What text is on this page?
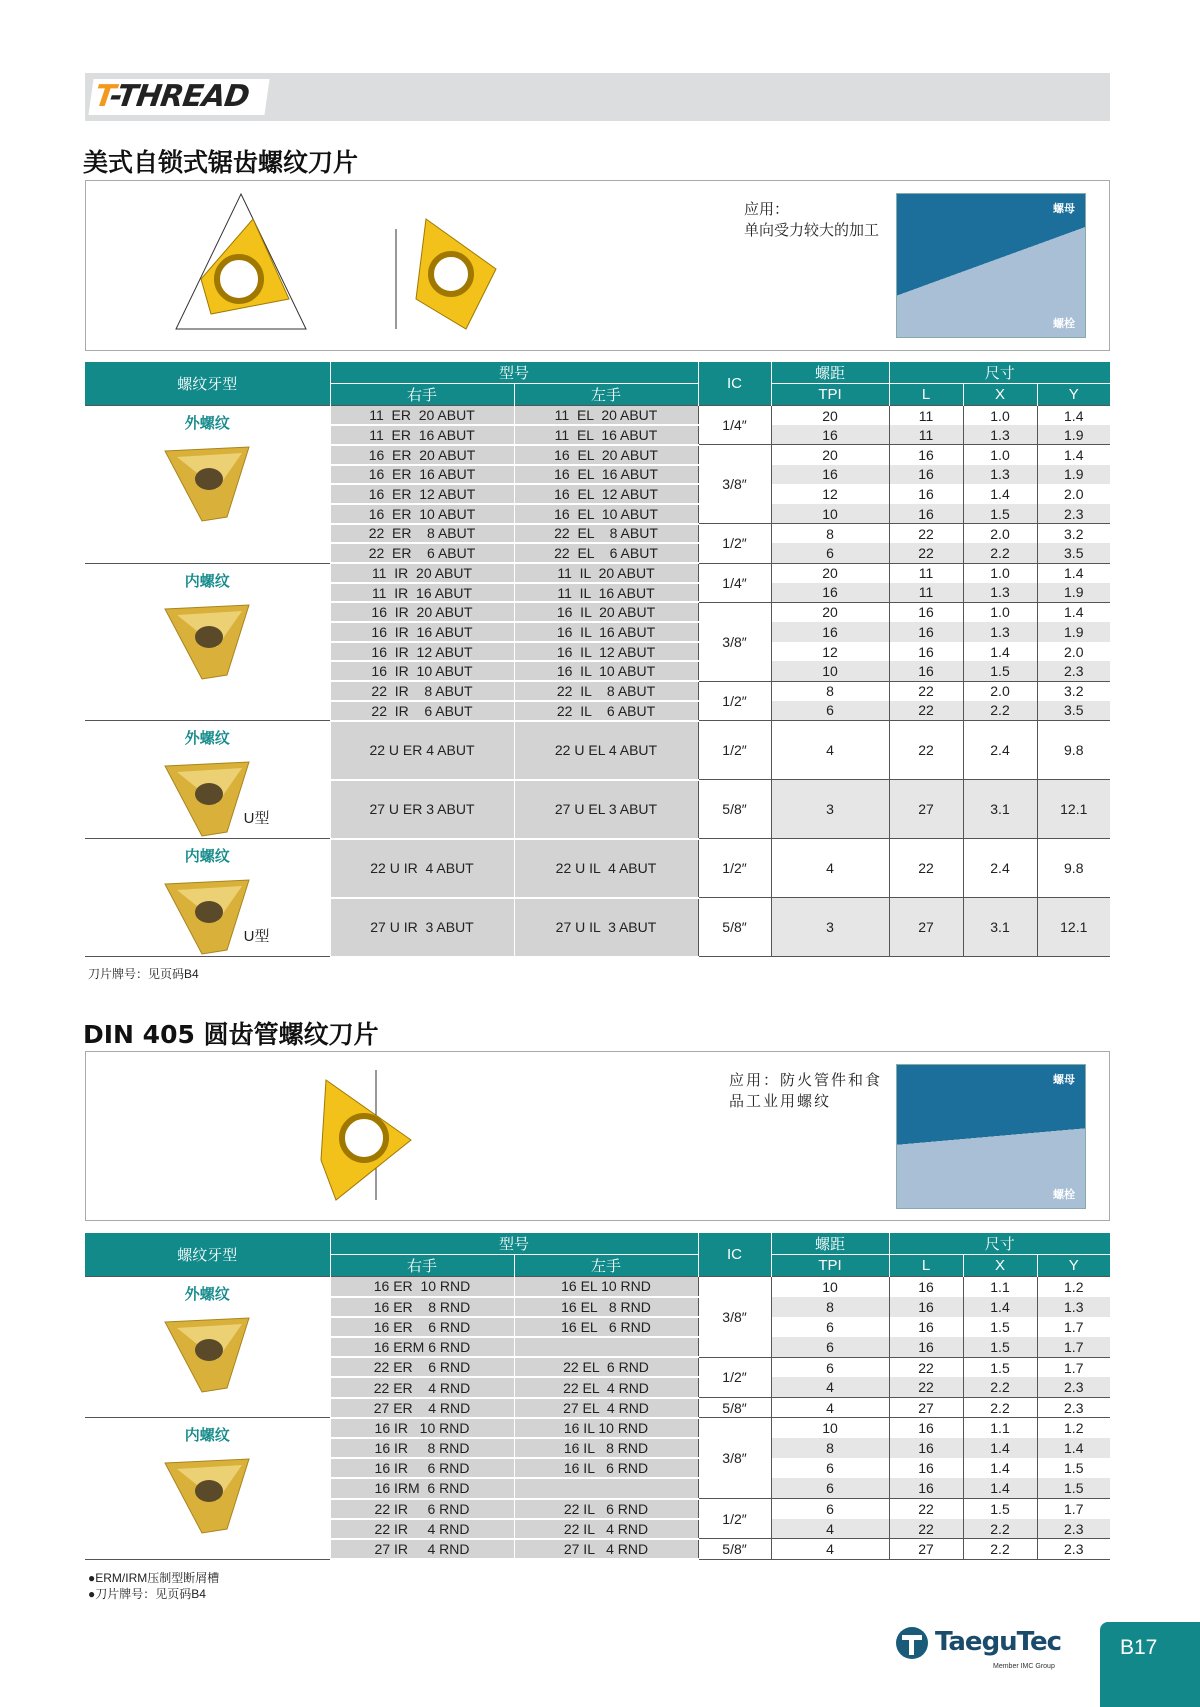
T-THREAD
美式自锁式锯齿螺纹刀片
应用：
单向受力较大的加工
螺母
螺栓
螺纹牙型	型号		IC	螺距	尺寸		
	右手	左手		TPI	L	X	Y

外螺纹	11  ER  20 ABUT	11  EL  20 ABUT	1/4″	20	11	1.0	1.4
	11  ER  16 ABUT	11  EL  16 ABUT		16	11	1.3	1.9
	16  ER  20 ABUT	16  EL  20 ABUT	3/8″	20	16	1.0	1.4
	16  ER  16 ABUT	16  EL  16 ABUT		16	16	1.3	1.9
	16  ER  12 ABUT	16  EL  12 ABUT		12	16	1.4	2.0
	16  ER  10 ABUT	16  EL  10 ABUT		10	16	1.5	2.3
	22  ER    8 ABUT	22  EL    8 ABUT	1/2″	8	22	2.0	3.2
	22  ER    6 ABUT	22  EL    6 ABUT		6	22	2.2	3.5

内螺纹	11  IR  20 ABUT	11  IL  20 ABUT	1/4″	20	11	1.0	1.4
	11  IR  16 ABUT	11  IL  16 ABUT		16	11	1.3	1.9
	16  IR  20 ABUT	16  IL  20 ABUT	3/8″	20	16	1.0	1.4
	16  IR  16 ABUT	16  IL  16 ABUT		16	16	1.3	1.9
	16  IR  12 ABUT	16  IL  12 ABUT		12	16	1.4	2.0
	16  IR  10 ABUT	16  IL  10 ABUT		10	16	1.5	2.3
	22  IR    8 ABUT	22  IL    8 ABUT	1/2″	8	22	2.0	3.2
	22  IR    6 ABUT	22  IL    6 ABUT		6	22	2.2	3.5

外螺纹
U型	22 U ER 4 ABUT	22 U EL 4 ABUT	1/2″	4	22	2.4	9.8
	27 U ER 3 ABUT	27 U EL 3 ABUT	5/8″	3	27	3.1	12.1

内螺纹
U型	22 U IR  4 ABUT	22 U IL  4 ABUT	1/2″	4	22	2.4	9.8
	27 U IR  3 ABUT	27 U IL  3 ABUT	5/8″	3	27	3.1	12.1
刀片牌号：见页码B4
DIN 405 圆齿管螺纹刀片
应用：防火管件和食
品工业用螺纹
螺母
螺栓
螺纹牙型	型号		IC	螺距	尺寸		
	右手	左手		TPI	L	X	Y

外螺纹	16 ER  10 RND	16 EL 10 RND	3/8″	10	16	1.1	1.2
	16 ER    8 RND	16 EL   8 RND		8	16	1.4	1.3
	16 ER    6 RND	16 EL   6 RND		6	16	1.5	1.7
	16 ERM 6 RND			6	16	1.5	1.7
	22 ER    6 RND	22 EL  6 RND	1/2″	6	22	1.5	1.7
	22 ER    4 RND	22 EL  4 RND		4	22	2.2	2.3
	27 ER    4 RND	27 EL  4 RND	5/8″	4	27	2.2	2.3

内螺纹	16 IR   10 RND	16 IL 10 RND	3/8″	10	16	1.1	1.2
	16 IR     8 RND	16 IL   8 RND		8	16	1.4	1.4
	16 IR     6 RND	16 IL   6 RND		6	16	1.4	1.5
	16 IRM  6 RND			6	16	1.4	1.5
	22 IR     6 RND	22 IL   6 RND	1/2″	6	22	1.5	1.7
	22 IR     4 RND	22 IL   4 RND		4	22	2.2	2.3
	27 IR     4 RND	27 IL   4 RND	5/8″	4	27	2.2	2.3
●ERM/IRM压制型断屑槽
●刀片牌号：见页码B4
TaeguTec
Member IMC Group
B17
